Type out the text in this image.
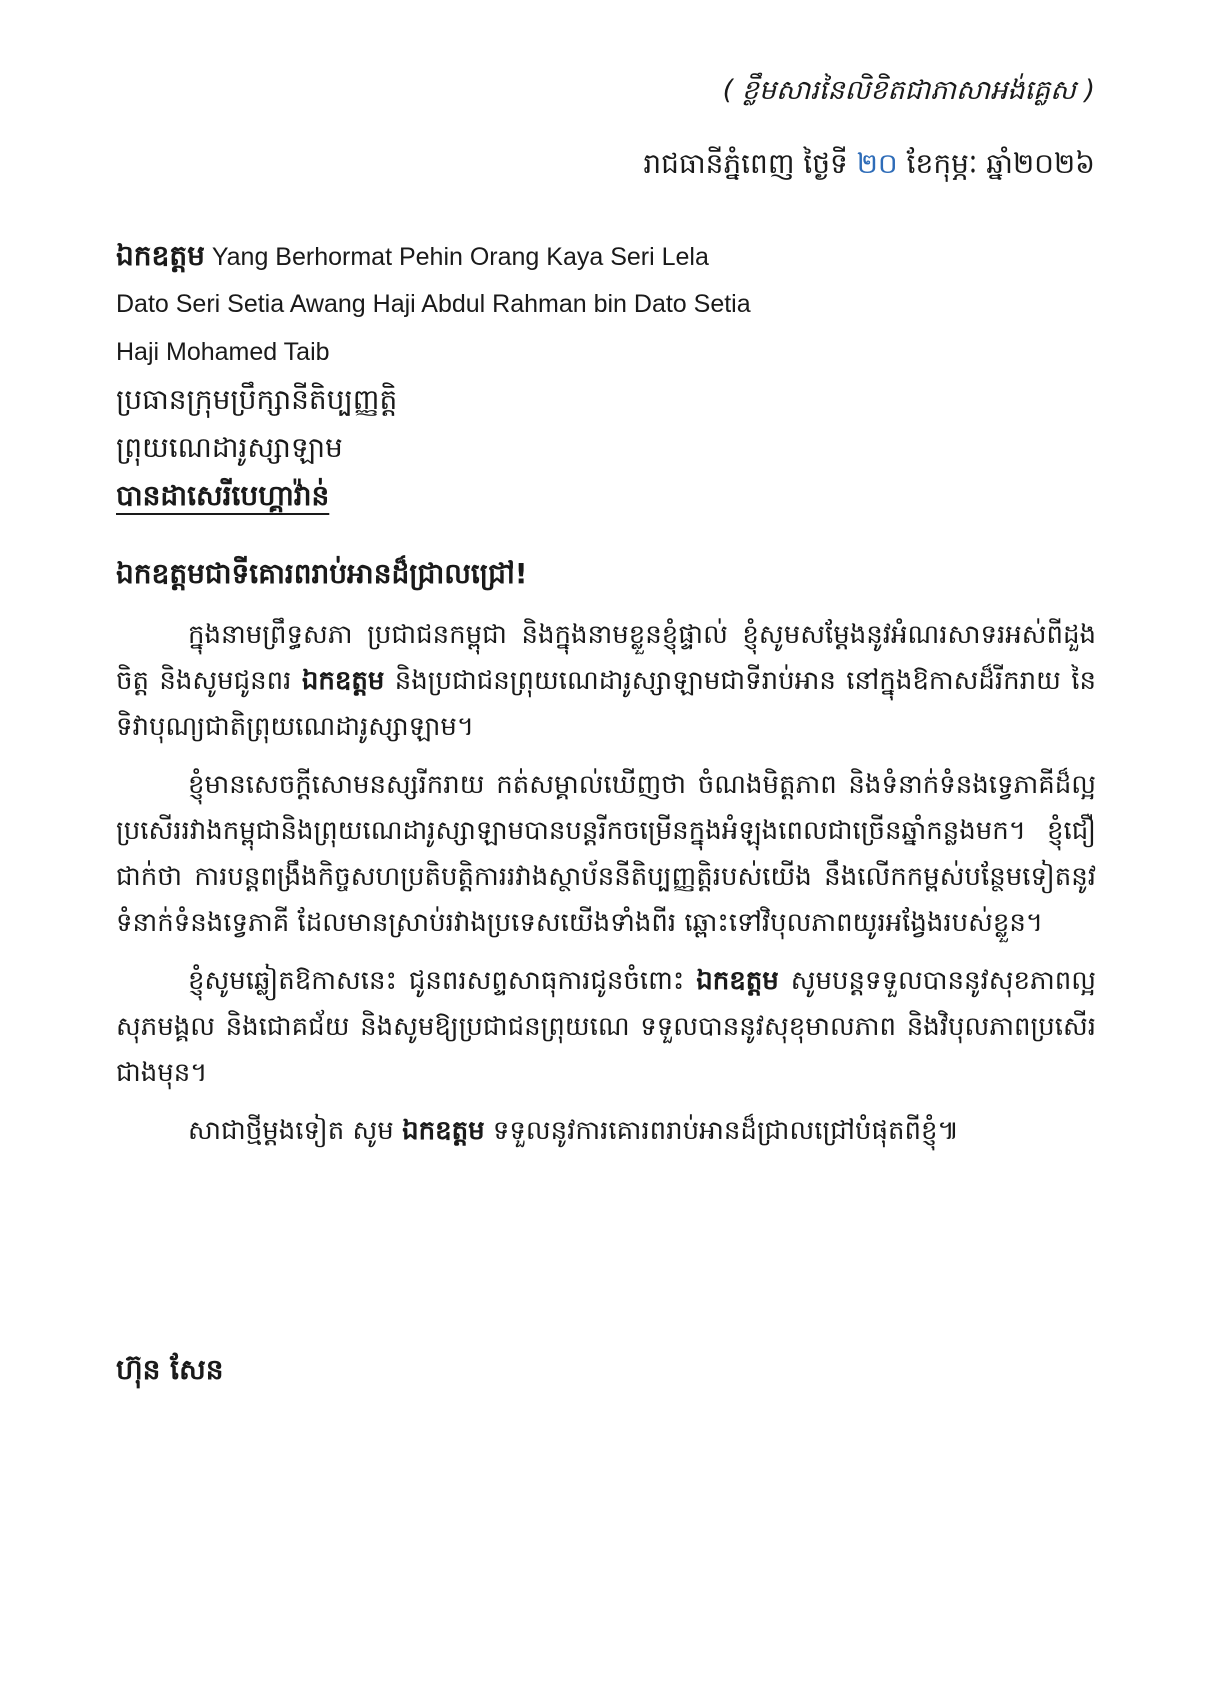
( ខ្លឹមសារនៃលិខិតជាភាសាអង់គ្លេស )
រាជធានីភ្នំពេញ ថ្ងៃទី ២០ ខែកុម្ភៈ ឆ្នាំ២០២៦
ឯកឧត្តម Yang Berhormat Pehin Orang Kaya Seri Lela
Dato Seri Setia Awang Haji Abdul Rahman bin Dato Setia
Haji Mohamed Taib
ប្រធានក្រុមប្រឹក្សានីតិប្បញ្ញត្តិ
ព្រុយណេដារូស្សាឡាម
បានដាសេរីបេហ្គាវ៉ាន់
ឯកឧត្តមជាទីគោរពរាប់អានដ៏ជ្រាលជ្រៅ!

ក្នុងនាមព្រឹទ្ធសភា ប្រជាជនកម្ពុជា និងក្នុងនាមខ្លួនខ្ញុំផ្ទាល់ ខ្ញុំសូមសម្តែងនូវអំណរសាទរអស់ពីដួងចិត្ត និងសូមជូនពរ ឯកឧត្តម និងប្រជាជនព្រុយណេដារូស្សាឡាមជាទីរាប់អាន នៅក្នុងឱកាសដ៏រីករាយ នៃទិវាបុណ្យជាតិព្រុយណេដារូស្សាឡាម។

ខ្ញុំមានសេចក្តីសោមនស្សរីករាយ កត់សម្គាល់ឃើញថា ចំណងមិត្តភាព និងទំនាក់ទំនងទ្វេភាគីដ៏ល្អប្រសើររវាងកម្ពុជានិងព្រុយណេដារូស្សាឡាមបានបន្តរីកចម្រើនក្នុងអំឡុងពេលជាច្រើនឆ្នាំកន្លងមក។ ខ្ញុំជឿជាក់ថា ការបន្តពង្រឹងកិច្ចសហប្រតិបត្តិការរវាងស្ថាប័ននីតិប្បញ្ញត្តិរបស់យើង នឹងលើកកម្ពស់បន្ថែមទៀតនូវទំនាក់ទំនងទ្វេភាគី ដែលមានស្រាប់រវាងប្រទេសយើងទាំងពីរ ឆ្ពោះទៅវិបុលភាពយូរអង្វែងរបស់ខ្លួន។

ខ្ញុំសូមឆ្លៀតឱកាសនេះ ជូនពរសព្ទសាធុការជូនចំពោះ ឯកឧត្តម សូមបន្តទទួលបាននូវសុខភាពល្អ សុភមង្គល និងជោគជ័យ និងសូមឱ្យប្រជាជនព្រុយណេ ទទួលបាននូវសុខុមាលភាព និងវិបុលភាពប្រសើរជាងមុន។

សាជាថ្មីម្តងទៀត សូម ឯកឧត្តម ទទួលនូវការគោរពរាប់អានដ៏ជ្រាលជ្រៅបំផុតពីខ្ញុំ៕

ហ៊ុន សែន
